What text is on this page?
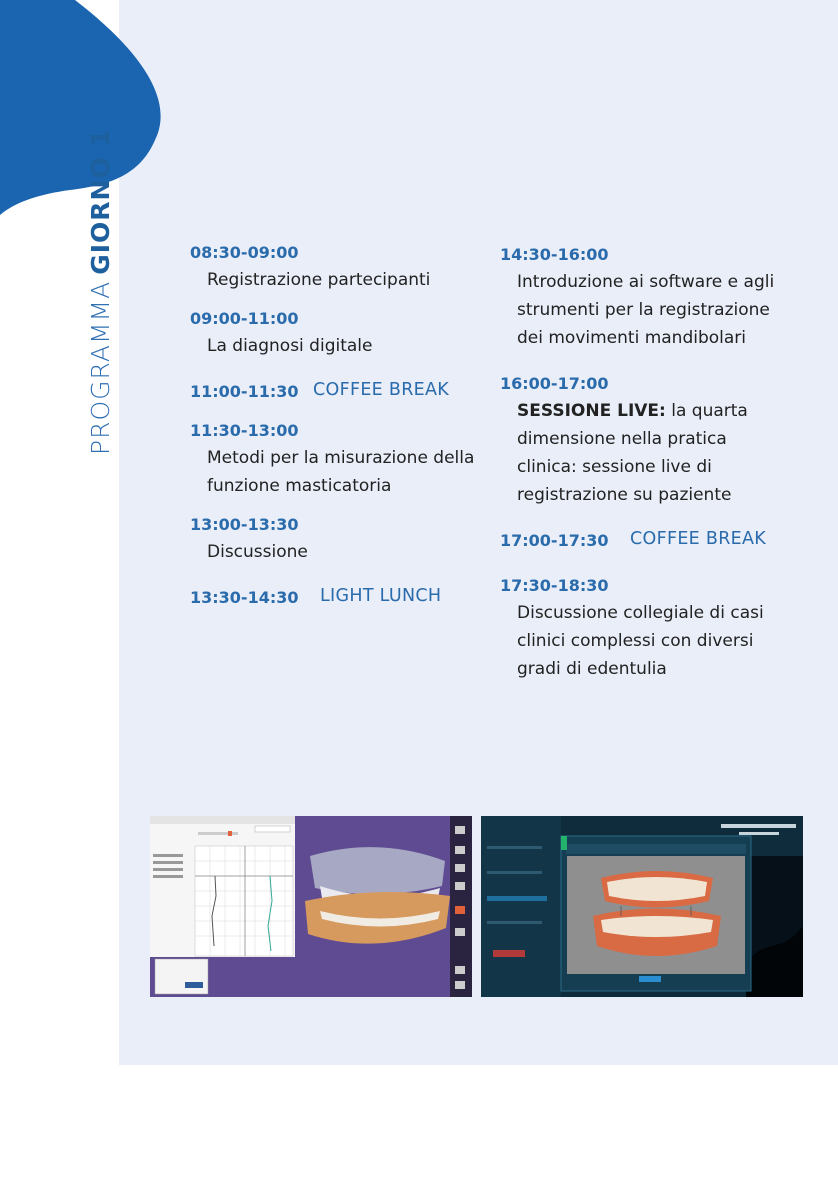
PROGRAMMAGIORNO 1	08:30-09:00
Registrazione partecipanti
09:00-11:00
La diagnosi digitale
11:00-11:30 COFFEE BREAK
11:30-13:00
Metodi per la misurazione della
funzione masticatoria
13:00-13:30
Discussione
13:30-14:30 LIGHT LUNCH
14:30-16:00
Introduzione ai software e agli
strumenti per la registrazione
dei movimenti mandibolari
16:00-17:00
SESSIONE LIVE: la quarta
dimensione nella pratica
clinica: sessione live di
registrazione su paziente
17:00-17:30 COFFEE BREAK
17:30-18:30
Discussione collegiale di casi
clinici complessi con diversi
gradi di edentulia
